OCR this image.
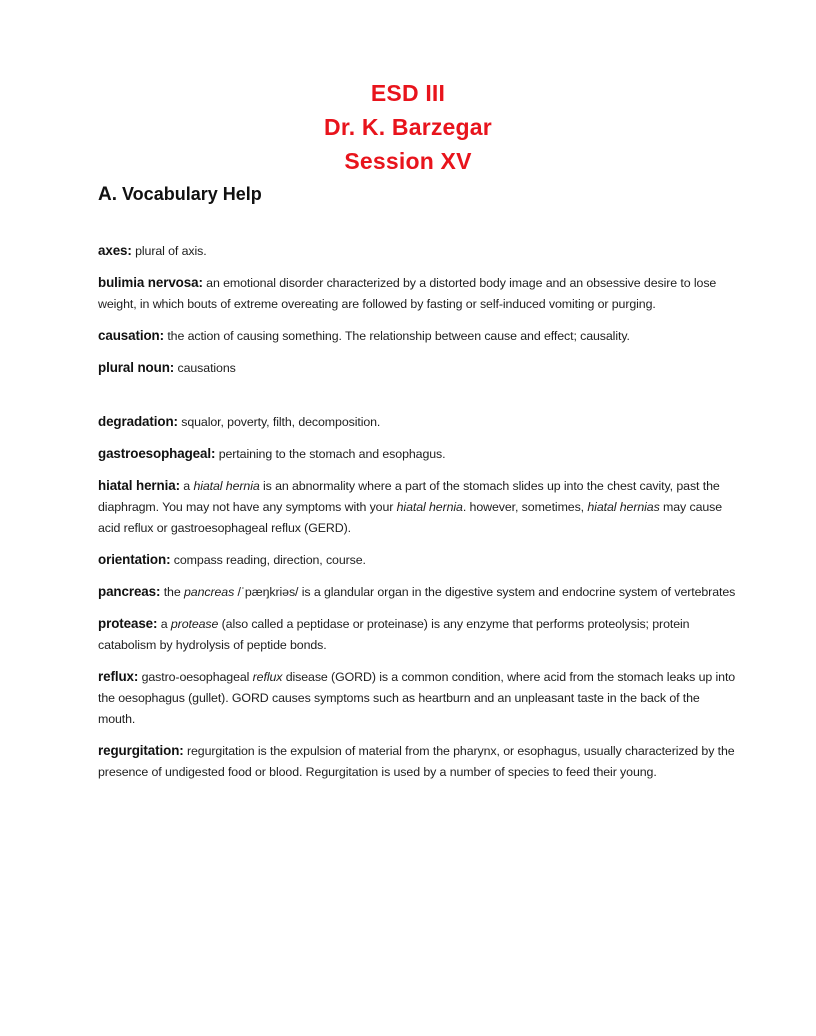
ESD III
Dr. K. Barzegar
Session XV
A. Vocabulary Help

axes: plural of axis.

bulimia nervosa: an emotional disorder characterized by a distorted body image and an obsessive desire to lose weight, in which bouts of extreme overeating are followed by fasting or self-induced vomiting or purging.

causation: the action of causing something. The relationship between cause and effect; causality.

plural noun: causations

degradation: squalor, poverty, filth, decomposition.

gastroesophageal: pertaining to the stomach and esophagus.

hiatal hernia: a hiatal hernia is an abnormality where a part of the stomach slides up into the chest cavity, past the diaphragm. You may not have any symptoms with your hiatal hernia. however, sometimes, hiatal hernias may cause acid reflux or gastroesophageal reflux (GERD).

orientation: compass reading, direction, course.

pancreas: the pancreas /ˈpæŋkriəs/ is a glandular organ in the digestive system and endocrine system of vertebrates

protease: a protease (also called a peptidase or proteinase) is any enzyme that performs proteolysis; protein catabolism by hydrolysis of peptide bonds.

reflux: gastro-oesophageal reflux disease (GORD) is a common condition, where acid from the stomach leaks up into the oesophagus (gullet). GORD causes symptoms such as heartburn and an unpleasant taste in the back of the mouth.

regurgitation: regurgitation is the expulsion of material from the pharynx, or esophagus, usually characterized by the presence of undigested food or blood. Regurgitation is used by a number of species to feed their young.
